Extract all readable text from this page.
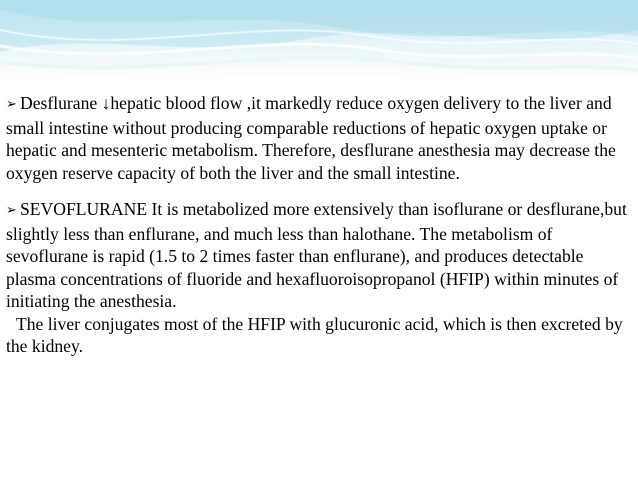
➢ Desflurane ↓hepatic blood flow ,it markedly reduce oxygen delivery to the liver and small intestine without producing comparable reductions of hepatic oxygen uptake or hepatic and mesenteric metabolism. Therefore, desflurane anesthesia may decrease the oxygen reserve capacity of both the liver and the small intestine.

➢ SEVOFLURANE It is metabolized more extensively than isoflurane or desflurane,but slightly less than enflurane, and much less than halothane. The metabolism of sevoflurane is rapid (1.5 to 2 times faster than enflurane), and produces detectable plasma concentrations of fluoride and hexafluoroisopropanol (HFIP) within minutes of initiating the anesthesia.
The liver conjugates most of the HFIP with glucuronic acid, which is then excreted by the kidney.
